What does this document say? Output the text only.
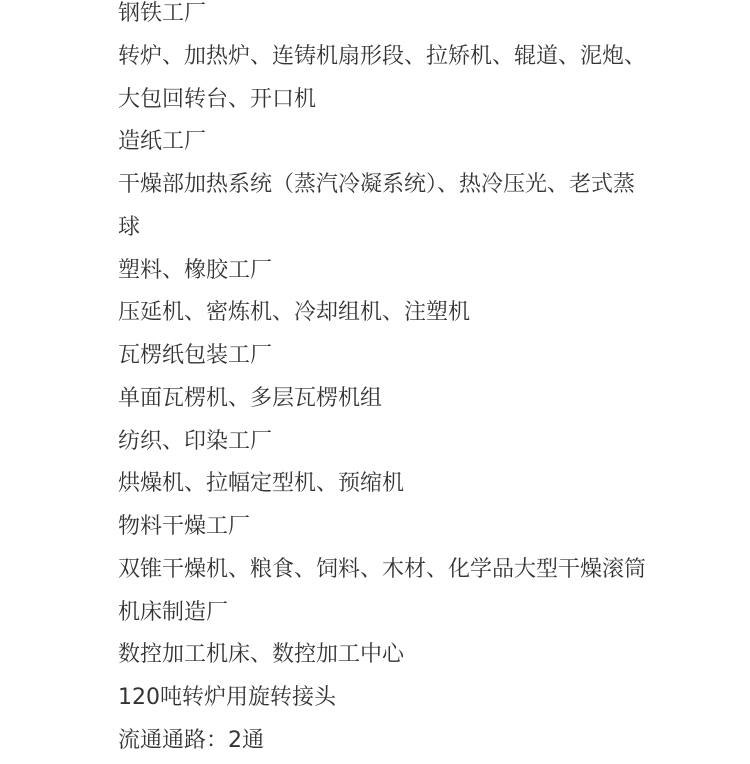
钢铁工厂

转炉、加热炉、连铸机扇形段、拉矫机、辊道、泥炮、

大包回转台、开口机

造纸工厂

干燥部加热系统（蒸汽冷凝系统）、热冷压光、老式蒸

球

塑料、橡胶工厂

压延机、密炼机、冷却组机、注塑机

瓦楞纸包装工厂

单面瓦楞机、多层瓦楞机组

纺织、印染工厂

烘燥机、拉幅定型机、预缩机

物料干燥工厂

双锥干燥机、粮食、饲料、木材、化学品大型干燥滚筒

机床制造厂

数控加工机床、数控加工中心

120吨转炉用旋转接头

流通通路：2通
